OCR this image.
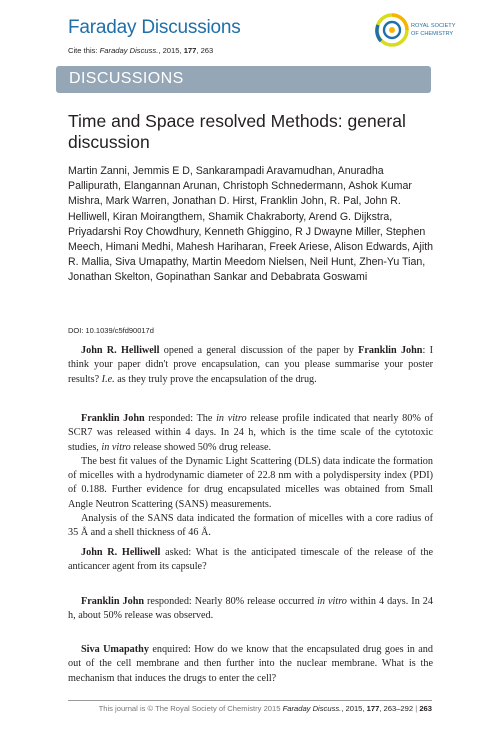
Faraday Discussions
Cite this: Faraday Discuss., 2015, 177, 263
ROYAL SOCIETY
OF CHEMISTRY
DISCUSSIONS
Time and Space resolved Methods: general discussion

Martin Zanni, Jemmis E D, Sankarampadi Aravamudhan, Anuradha Pallipurath, Elangannan Arunan, Christoph Schnedermann, Ashok Kumar Mishra, Mark Warren, Jonathan D. Hirst, Franklin John, R. Pal, John R. Helliwell, Kiran Moirangthem, Shamik Chakraborty, Arend G. Dijkstra, Priyadarshi Roy Chowdhury, Kenneth Ghiggino, R J Dwayne Miller, Stephen Meech, Himani Medhi, Mahesh Hariharan, Freek Ariese, Alison Edwards, Ajith R. Mallia, Siva Umapathy, Martin Meedom Nielsen, Neil Hunt, Zhen-Yu Tian, Jonathan Skelton, Gopinathan Sankar and Debabrata Goswami

DOI: 10.1039/c5fd90017d

John R. Helliwell opened a general discussion of the paper by Franklin John: I think your paper didn't prove encapsulation, can you please summarise your poster results? I.e. as they truly prove the encapsulation of the drug.

Franklin John responded: The in vitro release profile indicated that nearly 80% of SCR7 was released within 4 days. In 24 h, which is the time scale of the cytotoxic studies, in vitro release showed 50% drug release.

The best fit values of the Dynamic Light Scattering (DLS) data indicate the formation of micelles with a hydrodynamic diameter of 22.8 nm with a polydispersity index (PDI) of 0.188. Further evidence for drug encapsulated micelles was obtained from Small Angle Neutron Scattering (SANS) measurements.

Analysis of the SANS data indicated the formation of micelles with a core radius of 35 Å and a shell thickness of 46 Å.

John R. Helliwell asked: What is the anticipated timescale of the release of the anticancer agent from its capsule?

Franklin John responded: Nearly 80% release occurred in vitro within 4 days. In 24 h, about 50% release was observed.

Siva Umapathy enquired: How do we know that the encapsulated drug goes in and out of the cell membrane and then further into the nuclear membrane. What is the mechanism that induces the drugs to enter the cell?

This journal is © The Royal Society of Chemistry 2015 Faraday Discuss., 2015, 177, 263–292 | 263
